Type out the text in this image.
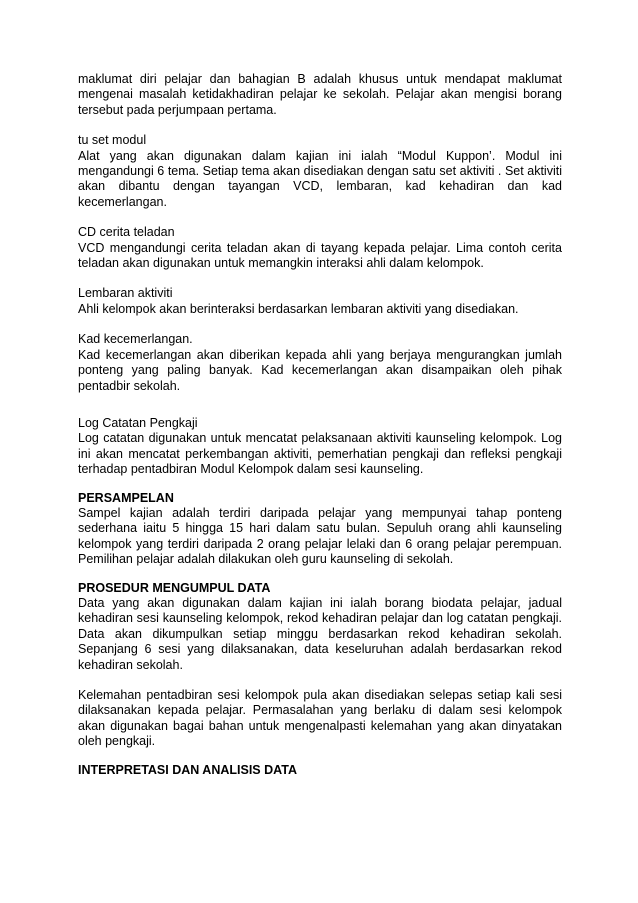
maklumat diri pelajar dan bahagian B adalah khusus untuk mendapat maklumat mengenai masalah ketidakhadiran pelajar ke sekolah. Pelajar akan mengisi borang tersebut pada perjumpaan pertama.

tu set modul

Alat yang akan digunakan dalam kajian ini ialah “Modul Kuppon’. Modul ini mengandungi 6 tema. Setiap tema akan disediakan dengan satu set aktiviti . Set aktiviti akan dibantu dengan tayangan VCD, lembaran, kad kehadiran dan kad kecemerlangan.

CD cerita teladan

VCD mengandungi cerita teladan akan di tayang kepada pelajar. Lima contoh cerita teladan akan digunakan untuk memangkin interaksi ahli dalam kelompok.

Lembaran aktiviti

Ahli kelompok akan berinteraksi berdasarkan lembaran aktiviti yang disediakan.

Kad kecemerlangan.

Kad kecemerlangan akan diberikan kepada ahli yang berjaya mengurangkan jumlah ponteng yang paling banyak. Kad kecemerlangan akan disampaikan oleh pihak pentadbir sekolah.

Log Catatan Pengkaji

Log catatan digunakan untuk mencatat pelaksanaan aktiviti kaunseling kelompok. Log ini akan mencatat perkembangan aktiviti, pemerhatian pengkaji dan refleksi pengkaji terhadap pentadbiran Modul Kelompok dalam sesi kaunseling.

PERSAMPELAN

Sampel kajian adalah terdiri daripada pelajar yang mempunyai tahap ponteng sederhana iaitu 5 hingga 15 hari dalam satu bulan. Sepuluh orang ahli kaunseling kelompok yang terdiri daripada 2 orang pelajar lelaki dan 6 orang pelajar perempuan. Pemilihan pelajar adalah dilakukan oleh guru kaunseling di sekolah.

PROSEDUR MENGUMPUL DATA

Data yang akan digunakan dalam kajian ini ialah borang biodata pelajar, jadual kehadiran sesi kaunseling kelompok, rekod kehadiran pelajar dan log catatan pengkaji. Data akan dikumpulkan setiap minggu berdasarkan rekod kehadiran sekolah. Sepanjang 6 sesi yang dilaksanakan, data keseluruhan adalah berdasarkan rekod kehadiran sekolah.

Kelemahan pentadbiran sesi kelompok pula akan disediakan selepas setiap kali sesi dilaksanakan kepada pelajar. Permasalahan yang berlaku di dalam sesi kelompok akan digunakan bagai bahan untuk mengenalpasti kelemahan yang akan dinyatakan oleh pengkaji.

INTERPRETASI DAN ANALISIS DATA
